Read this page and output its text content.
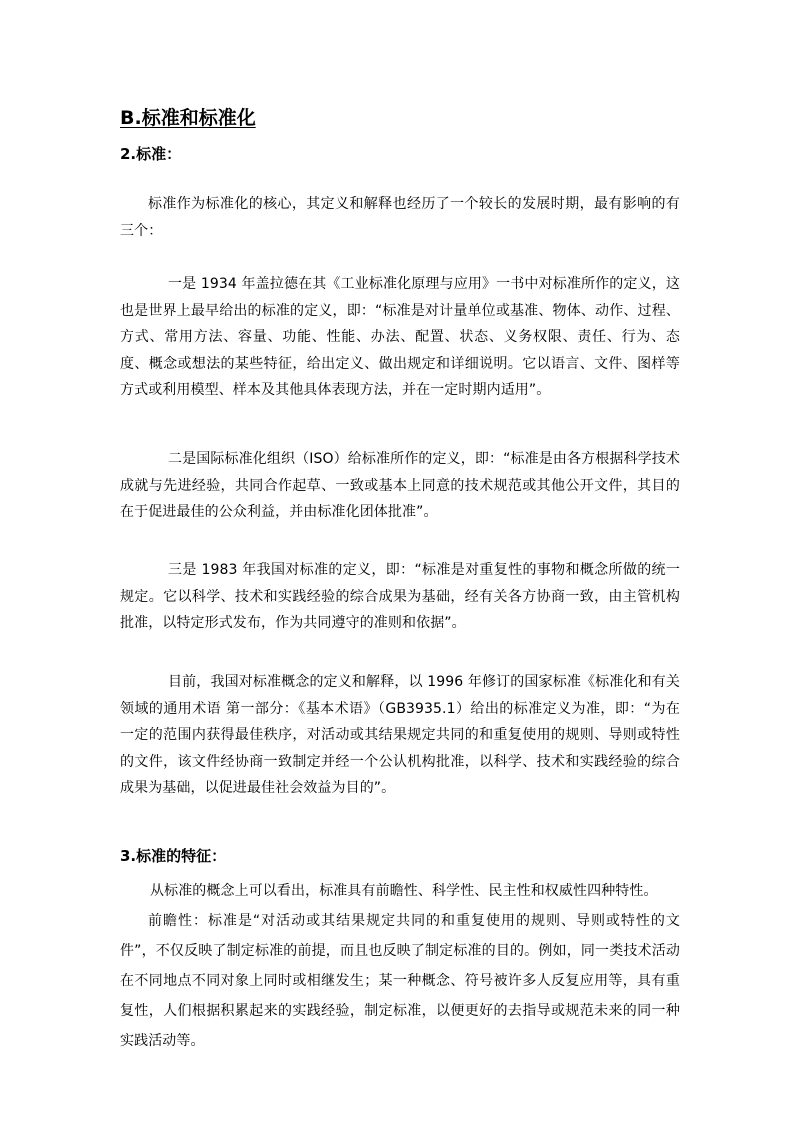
B.标准和标准化
2.标准：

标准作为标准化的核心，其定义和解释也经历了一个较长的发展时期，最有影响的有三个：

一是 1934 年盖拉德在其《工业标准化原理与应用》一书中对标准所作的定义，这也是世界上最早给出的标准的定义，即：“标准是对计量单位或基准、物体、动作、过程、方式、常用方法、容量、功能、性能、办法、配置、状态、义务权限、责任、行为、态度、概念或想法的某些特征，给出定义、做出规定和详细说明。它以语言、文件、图样等方式或利用模型、样本及其他具体表现方法，并在一定时期内适用”。

二是国际标准化组织（ISO）给标准所作的定义，即：“标准是由各方根据科学技术成就与先进经验，共同合作起草、一致或基本上同意的技术规范或其他公开文件，其目的在于促进最佳的公众利益，并由标准化团体批准”。

三是 1983 年我国对标准的定义，即：“标准是对重复性的事物和概念所做的统一规定。它以科学、技术和实践经验的综合成果为基础，经有关各方协商一致，由主管机构批准，以特定形式发布，作为共同遵守的准则和依据”。

目前，我国对标准概念的定义和解释，以 1996 年修订的国家标准《标准化和有关领域的通用术语 第一部分：《基本术语》（GB3935.1）给出的标准定义为准，即：“为在一定的范围内获得最佳秩序，对活动或其结果规定共同的和重复使用的规则、导则或特性的文件，该文件经协商一致制定并经一个公认机构批准，以科学、技术和实践经验的综合成果为基础，以促进最佳社会效益为目的”。

3.标准的特征：

从标准的概念上可以看出，标准具有前瞻性、科学性、民主性和权威性四种特性。

前瞻性：标准是“对活动或其结果规定共同的和重复使用的规则、导则或特性的文件”，不仅反映了制定标准的前提，而且也反映了制定标准的目的。例如，同一类技术活动在不同地点不同对象上同时或相继发生；某一种概念、符号被许多人反复应用等，具有重复性，人们根据积累起来的实践经验，制定标准，以便更好的去指导或规范未来的同一种实践活动等。
